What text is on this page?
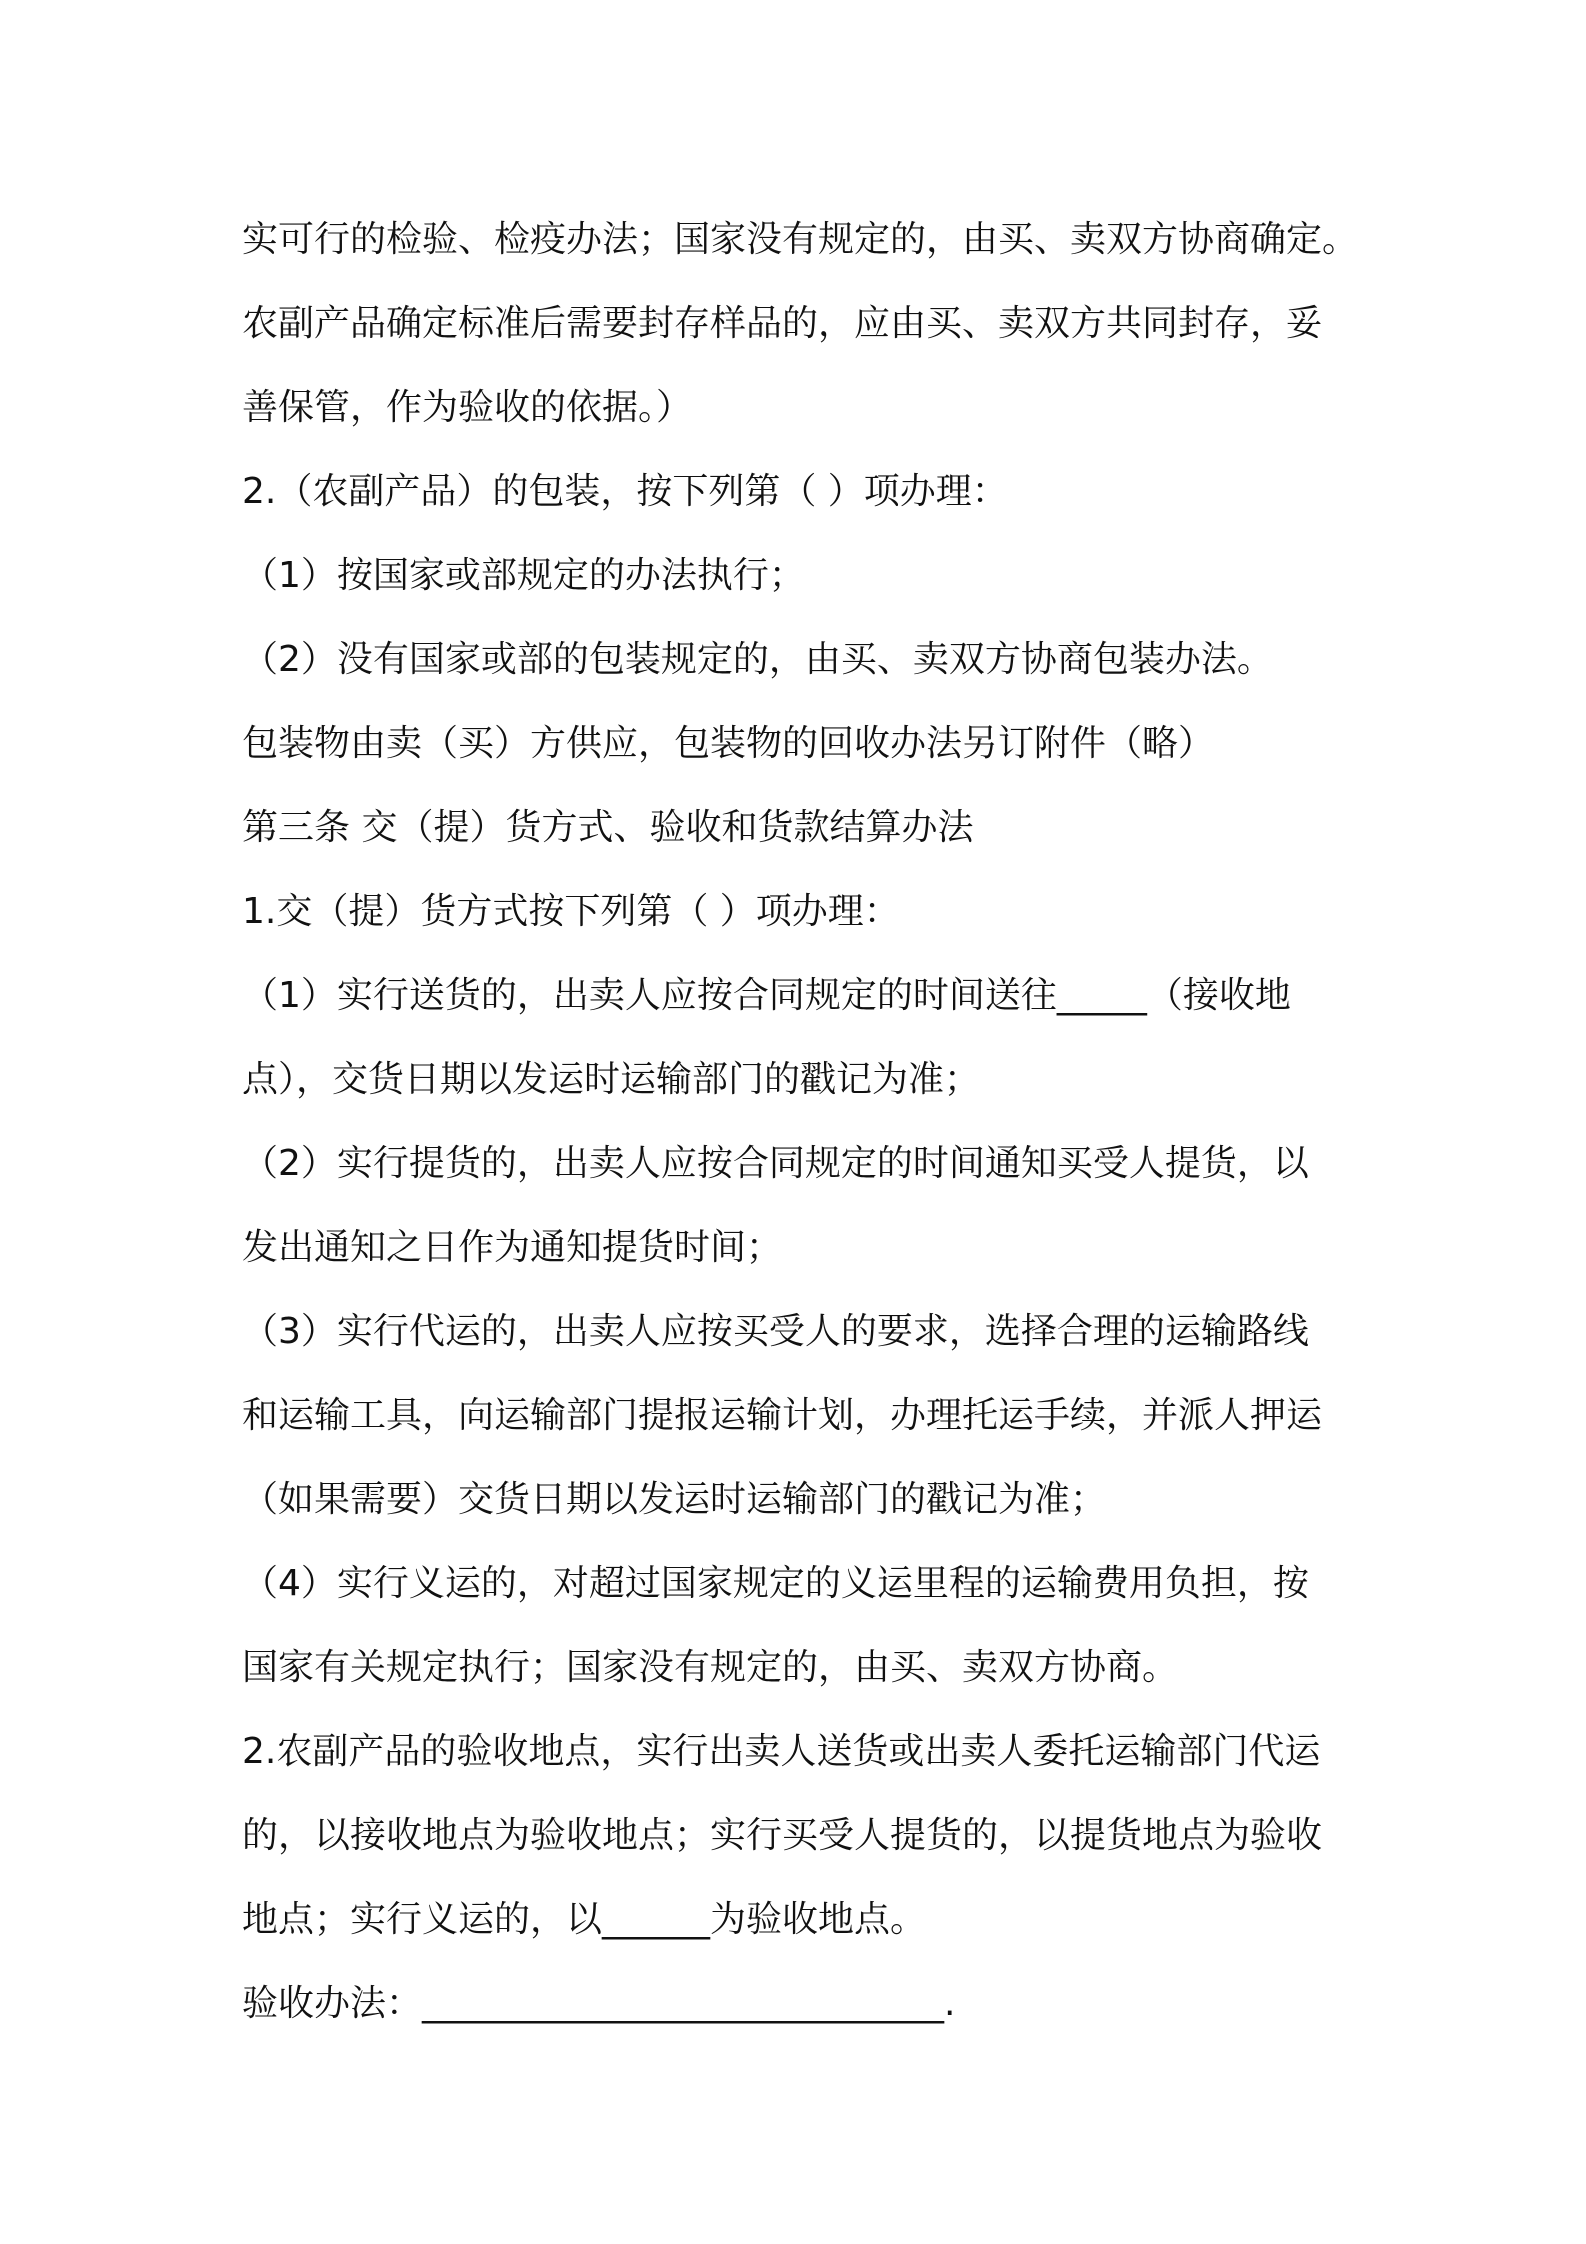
实可行的检验、检疫办法；国家没有规定的，由买、卖双方协商确定。
农副产品确定标准后需要封存样品的，应由买、卖双方共同封存，妥
善保管，作为验收的依据。）
2.（农副产品）的包装，按下列第（ ）项办理：
（1）按国家或部规定的办法执行；
（2）没有国家或部的包装规定的，由买、卖双方协商包装办法。
包装物由卖（买）方供应，包装物的回收办法另订附件（略）
第三条 交（提）货方式、验收和货款结算办法
1.交（提）货方式按下列第（ ）项办理：
（1）实行送货的，出卖人应按合同规定的时间送往_____（接收地
点），交货日期以发运时运输部门的戳记为准；
（2）实行提货的，出卖人应按合同规定的时间通知买受人提货，以
发出通知之日作为通知提货时间；
（3）实行代运的，出卖人应按买受人的要求，选择合理的运输路线
和运输工具，向运输部门提报运输计划，办理托运手续，并派人押运
（如果需要）交货日期以发运时运输部门的戳记为准；
（4）实行义运的，对超过国家规定的义运里程的运输费用负担，按
国家有关规定执行；国家没有规定的，由买、卖双方协商。
2.农副产品的验收地点，实行出卖人送货或出卖人委托运输部门代运
的，以接收地点为验收地点；实行买受人提货的，以提货地点为验收
地点；实行义运的，以______为验收地点。
验收办法：_____________________________.
